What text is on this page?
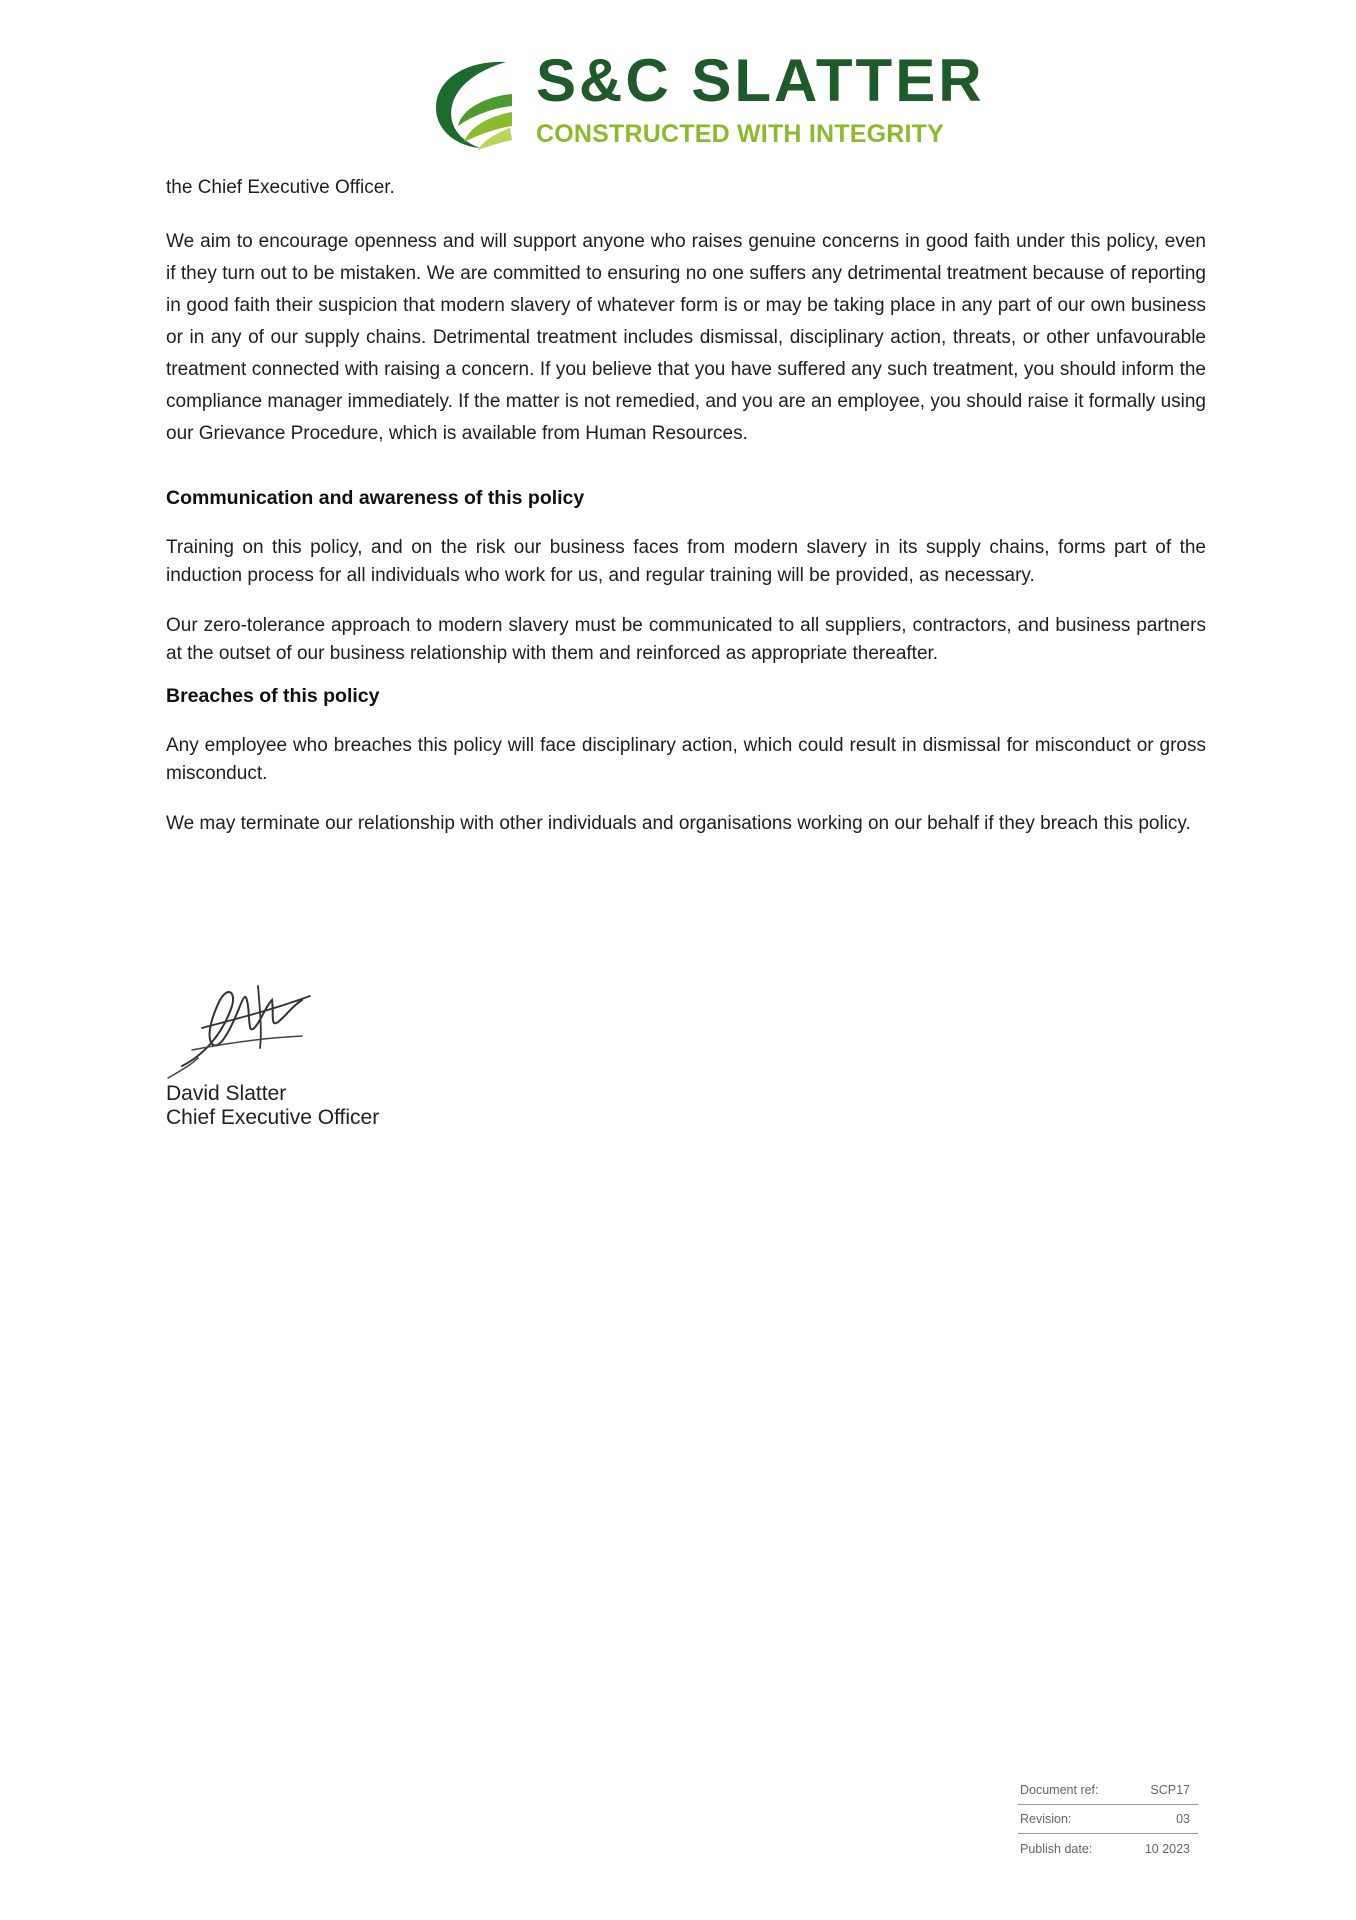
S&C SLATTER
CONSTRUCTED WITH INTEGRITY

the Chief Executive Officer.

We aim to encourage openness and will support anyone who raises genuine concerns in good faith under this policy, even if they turn out to be mistaken. We are committed to ensuring no one suffers any detrimental treatment because of reporting in good faith their suspicion that modern slavery of whatever form is or may be taking place in any part of our own business or in any of our supply chains. Detrimental treatment includes dismissal, disciplinary action, threats, or other unfavourable treatment connected with raising a concern. If you believe that you have suffered any such treatment, you should inform the compliance manager immediately. If the matter is not remedied, and you are an employee, you should raise it formally using our Grievance Procedure, which is available from Human Resources.

Communication and awareness of this policy

Training on this policy, and on the risk our business faces from modern slavery in its supply chains, forms part of the induction process for all individuals who work for us, and regular training will be provided, as necessary.

Our zero-tolerance approach to modern slavery must be communicated to all suppliers, contractors, and business partners at the outset of our business relationship with them and reinforced as appropriate thereafter.

Breaches of this policy

Any employee who breaches this policy will face disciplinary action, which could result in dismissal for misconduct or gross misconduct.

We may terminate our relationship with other individuals and organisations working on our behalf if they breach this policy.

David Slatter
Chief Executive Officer
Document ref:	SCP17
Revision:	03
Publish date:	10 2023
